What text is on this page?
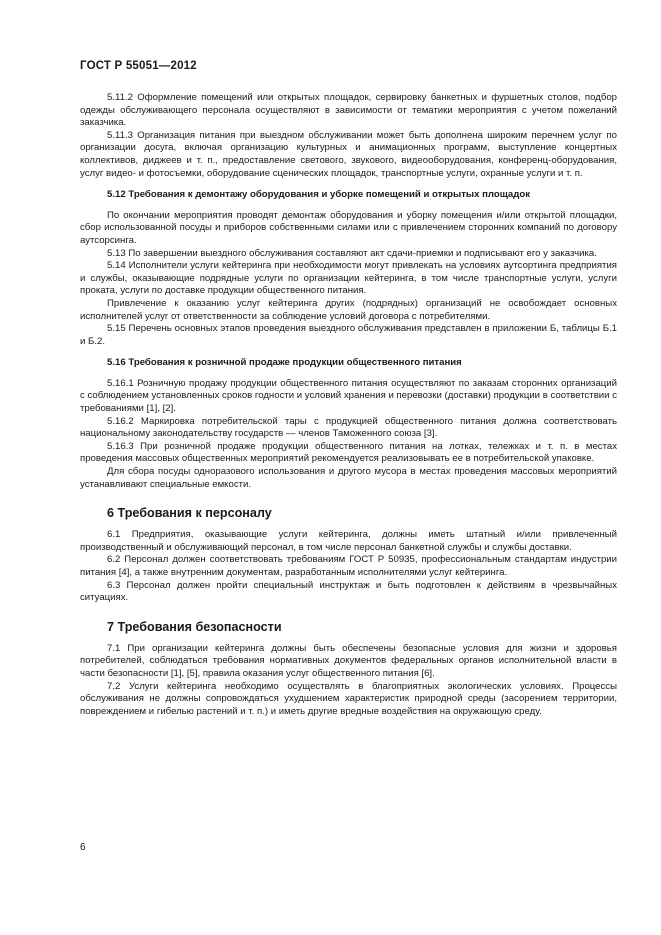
ГОСТ Р 55051—2012

5.11.2 Оформление помещений или открытых площадок, сервировку банкетных и фуршетных столов, подбор одежды обслуживающего персонала осуществляют в зависимости от тематики мероприятия с учетом пожеланий заказчика.

5.11.3 Организация питания при выездном обслуживании может быть дополнена широким перечнем услуг по организации досуга, включая организацию культурных и анимационных программ, выступление концертных коллективов, диджеев и т. п., предоставление светового, звукового, видеооборудования, конференц-оборудования, услуг видео- и фотосъемки, оборудование сценических площадок, транспортные услуги, охранные услуги и т. п.

5.12 Требования к демонтажу оборудования и уборке помещений и открытых площадок

По окончании мероприятия проводят демонтаж оборудования и уборку помещения и/или открытой площадки, сбор использованной посуды и приборов собственными силами или с привлечением сторонних компаний по договору аутсорсинга.

5.13 По завершении выездного обслуживания составляют акт сдачи-приемки и подписывают его у заказчика.

5.14 Исполнители услуги кейтеринга при необходимости могут привлекать на условиях аутсортинга предприятия и службы, оказывающие подрядные услуги по организации кейтеринга, в том числе транспортные услуги, услуги проката, услуги по доставке продукции общественного питания.

Привлечение к оказанию услуг кейтеринга других (подрядных) организаций не освобождает основных исполнителей услуг от ответственности за соблюдение условий договора с потребителями.

5.15 Перечень основных этапов проведения выездного обслуживания представлен в приложении Б, таблицы Б.1 и Б.2.

5.16 Требования к розничной продаже продукции общественного питания

5.16.1 Розничную продажу продукции общественного питания осуществляют по заказам сторонних организаций с соблюдением установленных сроков годности и условий хранения и перевозки (доставки) продукции в соответствии с требованиями [1], [2].

5.16.2 Маркировка потребительской тары с продукцией общественного питания должна соответствовать национальному законодательству государств — членов Таможенного союза [3].

5.16.3 При розничной продаже продукции общественного питания на лотках, тележках и т. п. в местах проведения массовых общественных мероприятий рекомендуется реализовывать ее в потребительской упаковке.

Для сбора посуды одноразового использования и другого мусора в местах проведения массовых мероприятий устанавливают специальные емкости.

6 Требования к персоналу

6.1 Предприятия, оказывающие услуги кейтеринга, должны иметь штатный и/или привлеченный производственный и обслуживающий персонал, в том числе персонал банкетной службы и службы доставки.

6.2 Персонал должен соответствовать требованиям ГОСТ Р 50935, профессиональным стандартам индустрии питания [4], а также внутренним документам, разработанным исполнителями услуг кейтеринга.

6.3 Персонал должен пройти специальный инструктаж и быть подготовлен к действиям в чрезвычайных ситуациях.

7 Требования безопасности

7.1 При организации кейтеринга должны быть обеспечены безопасные условия для жизни и здоровья потребителей, соблюдаться требования нормативных документов федеральных органов исполнительной власти в части безопасности [1], [5], правила оказания услуг общественного питания [6].

7.2 Услуги кейтеринга необходимо осуществлять в благоприятных экологических условиях. Процессы обслуживания не должны сопровождаться ухудшением характеристик природной среды (засорением территории, повреждением и гибелью растений и т. п.) и иметь другие вредные воздействия на окружающую среду.

6
